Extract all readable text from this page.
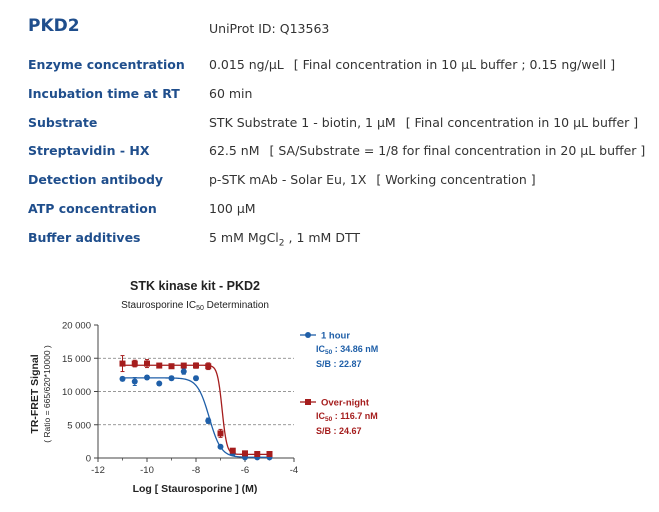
PKD2	UniProt ID: Q13563
Enzyme concentration 0.015 ng/μL [ Final concentration in 10 μL buffer ; 0.15 ng/well ]
Incubation time at RT 60 min
Substrate	STK Substrate 1 - biotin, 1 μM [ Final concentration in 10 μL buffer ]
Streptavidin - HX	62.5 nM [ SA/Substrate = 1/8 for final concentration in 20 μL buffer ]
Detection antibody	p-STK mAb - Solar Eu, 1X [ Working concentration ]
ATP concentration	100 μM
Buffer additives	5 mM MgCl$_2$ , 1 mM DTT
STK kinase kit - PKD2
Staurosporine $IC_{50}$ Determination
0
5 000
10 000
15 000
20 000
-12	-10	-8	-6	-4
Log [ Staurosporine ] (M)
TR-FRET Signal ( Ratio = 665/620*10000 )
1 hour
$IC_{50}$ : 34.86 nM
S/B : 22.87
Over-night
$IC_{50}$ : 116.7 nM
S/B : 24.67
